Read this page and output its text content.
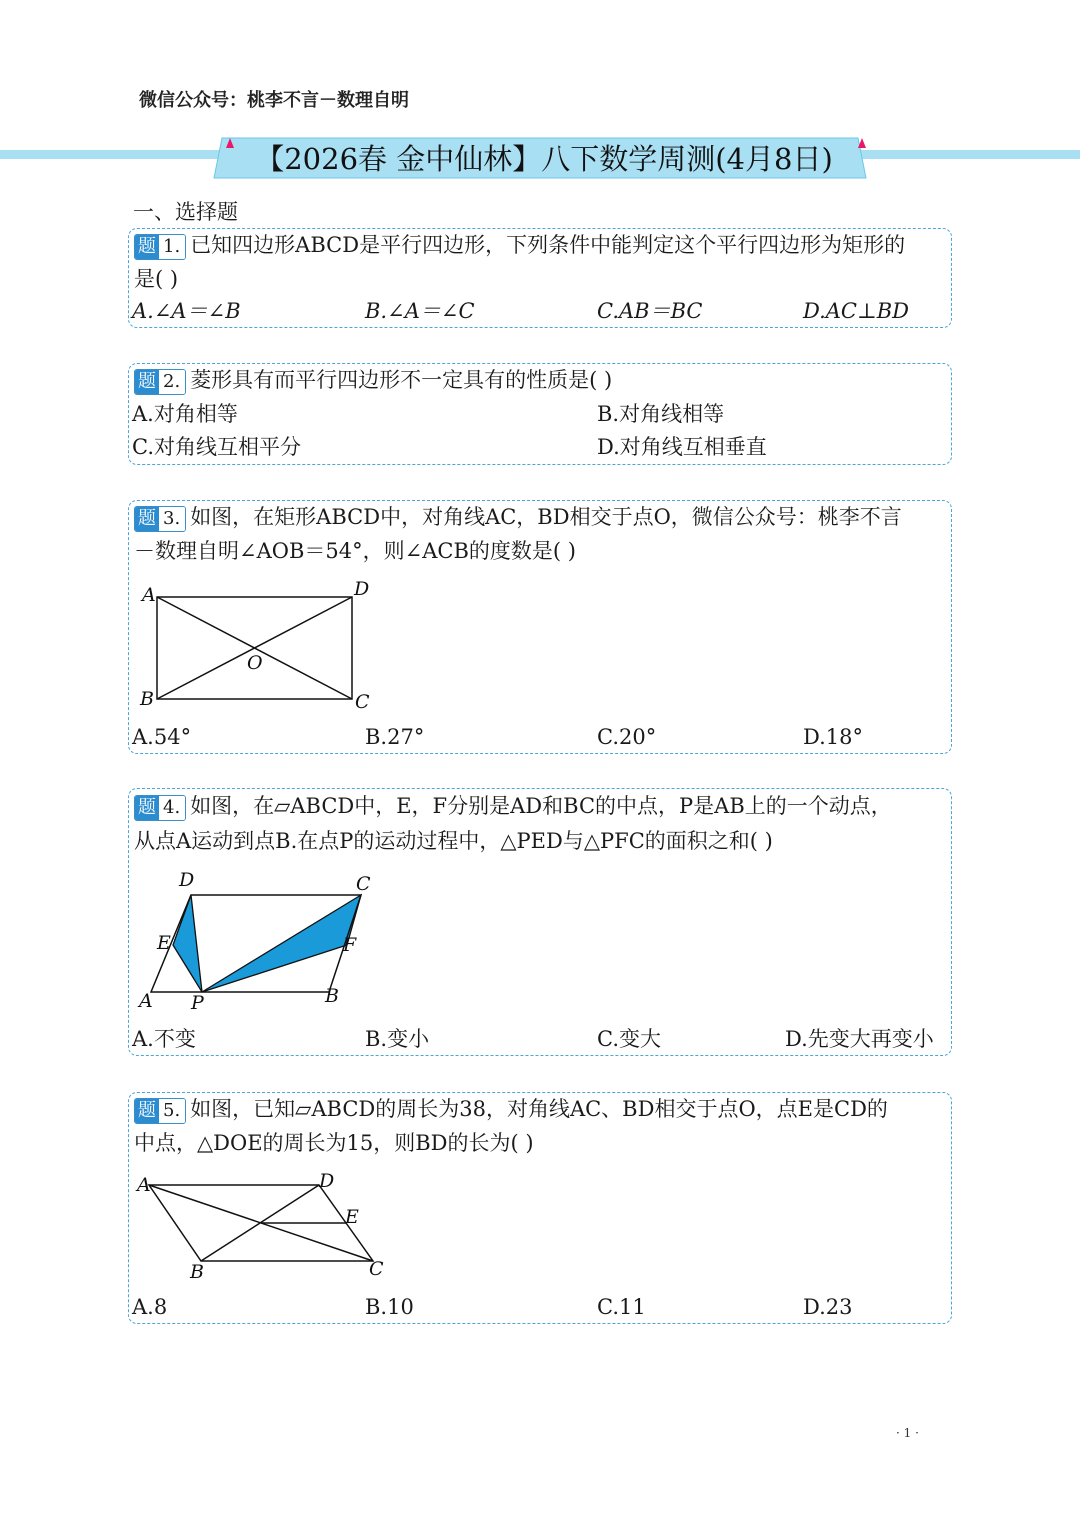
微信公众号：桃李不言－数理自明
【2026春 金中仙林】八下数学周测(4月8日)
一、选择题
题 1. 已知四边形ABCD是平行四边形，下列条件中能判定这个平行四边形为矩形的
是( )
A.∠A＝∠B	B.∠A＝∠C	C.AB＝BC	D.AC⊥BD
题 2. 菱形具有而平行四边形不一定具有的性质是( )
A.对角相等	B.对角线相等
C.对角线互相平分	D.对角线互相垂直
题 3. 如图，在矩形ABCD中，对角线AC，BD相交于点O，微信公众号：桃李不言
－数理自明∠AOB＝54°，则∠ACB的度数是( )
A	D
O
B	C
A.54°	B.27°	C.20°	D.18°
题 4. 如图，在▱ABCD中，E，F分别是AD和BC的中点，P是AB上的一个动点，
从点A运动到点B.在点P的运动过程中，△PED与△PFC的面积之和( )
D	C
E	F
A P	B
A.不变	B.变小	C.变大	D.先变大再变小
题 5. 如图，已知▱ABCD的周长为38，对角线AC、BD相交于点O，点E是CD的
中点，△DOE的周长为15，则BD的长为( )
A	D
E
B	C
A.8	B.10	C.11	D.23
· 1 ·
